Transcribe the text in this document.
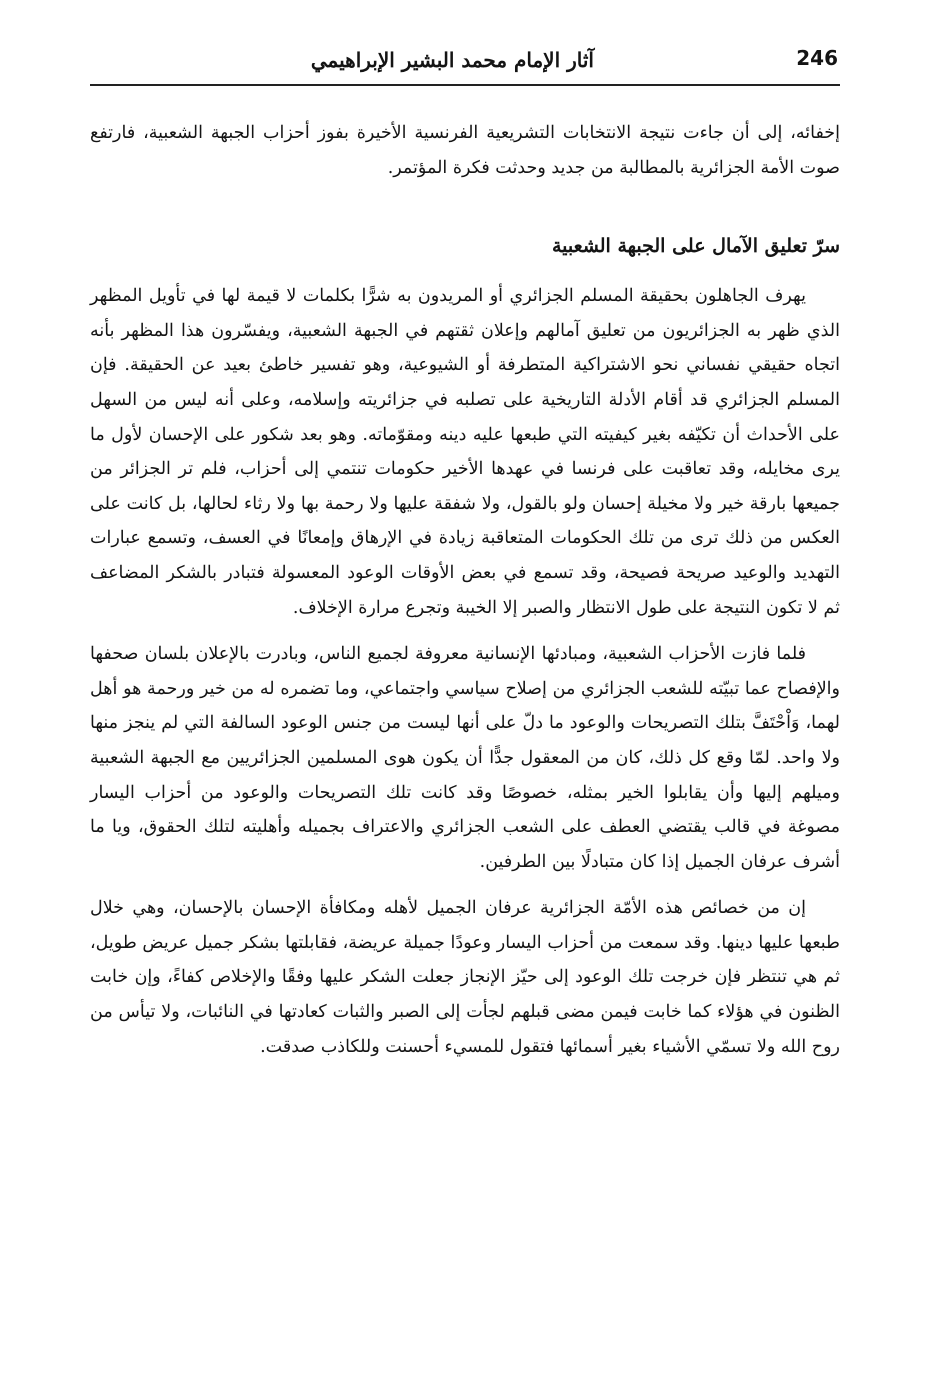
246
آثار الإمام محمد البشير الإبراهيمي

إخفائه، إلى أن جاءت نتيجة الانتخابات التشريعية الفرنسية الأخيرة بفوز أحزاب الجبهة الشعبية، فارتفع صوت الأمة الجزائرية بالمطالبة من جديد وحدثت فكرة المؤتمر.

سرّ تعليق الآمال على الجبهة الشعبية

يهرف الجاهلون بحقيقة المسلم الجزائري أو المريدون به شرًّا بكلمات لا قيمة لها في تأويل المظهر الذي ظهر به الجزائريون من تعليق آمالهم وإعلان ثقتهم في الجبهة الشعبية، ويفسّرون هذا المظهر بأنه اتجاه حقيقي نفساني نحو الاشتراكية المتطرفة أو الشيوعية، وهو تفسير خاطئ بعيد عن الحقيقة. فإن المسلم الجزائري قد أقام الأدلة التاريخية على تصلبه في جزائريته وإسلامه، وعلى أنه ليس من السهل على الأحداث أن تكيّفه بغير كيفيته التي طبعها عليه دينه ومقوّماته. وهو بعد شكور على الإحسان لأول ما يرى مخايله، وقد تعاقبت على فرنسا في عهدها الأخير حكومات تنتمي إلى أحزاب، فلم تر الجزائر من جميعها بارقة خير ولا مخيلة إحسان ولو بالقول، ولا شفقة عليها ولا رحمة بها ولا رثاء لحالها، بل كانت على العكس من ذلك ترى من تلك الحكومات المتعاقبة زيادة في الإرهاق وإمعانًا في العسف، وتسمع عبارات التهديد والوعيد صريحة فصيحة، وقد تسمع في بعض الأوقات الوعود المعسولة فتبادر بالشكر المضاعف ثم لا تكون النتيجة على طول الانتظار والصبر إلا الخيبة وتجرع مرارة الإخلاف.

فلما فازت الأحزاب الشعبية، ومبادئها الإنسانية معروفة لجميع الناس، وبادرت بالإعلان بلسان صحفها والإفصاح عما تبيّته للشعب الجزائري من إصلاح سياسي واجتماعي، وما تضمره له من خير ورحمة هو أهل لهما، وَاْحْتَفَّ بتلك التصريحات والوعود ما دلّ على أنها ليست من جنس الوعود السالفة التي لم ينجز منها ولا واحد. لمّا وقع كل ذلك، كان من المعقول جدًّا أن يكون هوى المسلمين الجزائريين مع الجبهة الشعبية وميلهم إليها وأن يقابلوا الخير بمثله، خصوصًا وقد كانت تلك التصريحات والوعود من أحزاب اليسار مصوغة في قالب يقتضي العطف على الشعب الجزائري والاعتراف بجميله وأهليته لتلك الحقوق، ويا ما أشرف عرفان الجميل إذا كان متبادلًا بين الطرفين.

إن من خصائص هذه الأمّة الجزائرية عرفان الجميل لأهله ومكافأة الإحسان بالإحسان، وهي خلال طبعها عليها دينها. وقد سمعت من أحزاب اليسار وعودًا جميلة عريضة، فقابلتها بشكر جميل عريض طويل، ثم هي تنتظر فإن خرجت تلك الوعود إلى حيّز الإنجاز جعلت الشكر عليها وفقًا والإخلاص كفاءً، وإن خابت الظنون في هؤلاء كما خابت فيمن مضى قبلهم لجأت إلى الصبر والثبات كعادتها في النائبات، ولا تيأس من روح الله ولا تسمّي الأشياء بغير أسمائها فتقول للمسيء أحسنت وللكاذب صدقت.
